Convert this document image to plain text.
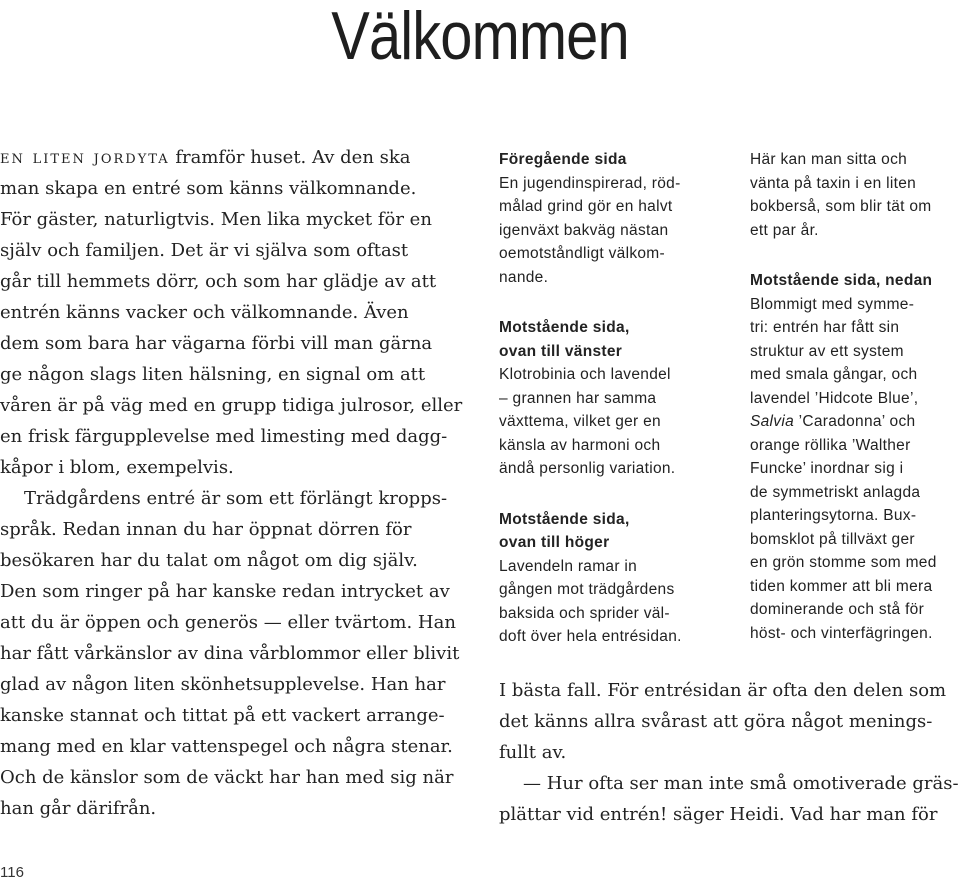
Välkommen
en liten jordyta framför huset. Av den ska
man skapa en entré som känns välkomnande.
För gäster, naturligtvis. Men lika mycket för en
själv och familjen. Det är vi själva som oftast
går till hemmets dörr, och som har glädje av att
entrén känns vacker och välkomnande. Även
dem som bara har vägarna förbi vill man gärna
ge någon slags liten hälsning, en signal om att
våren är på väg med en grupp tidiga julrosor, eller
en frisk färgupplevelse med limesting med dagg-
kåpor i blom, exempelvis.
Trädgårdens entré är som ett förlängt kropps-
språk. Redan innan du har öppnat dörren för
besökaren har du talat om något om dig själv.
Den som ringer på har kanske redan intrycket av
att du är öppen och generös — eller tvärtom. Han
har fått vårkänslor av dina vårblommor eller blivit
glad av någon liten skönhetsupplevelse. Han har
kanske stannat och tittat på ett vackert arrange-
mang med en klar vattenspegel och några stenar.
Och de känslor som de väckt har han med sig när
han går därifrån.
Föregående sida
En jugendinspirerad, röd-
målad grind gör en halvt
igenväxt bakväg nästan
oemotståndligt välkom-
nande.
Motstående sida,
ovan till vänster
Klotrobinia och lavendel
– grannen har samma
växttema, vilket ger en
känsla av harmoni och
ändå personlig variation.
Motstående sida,
ovan till höger
Lavendeln ramar in
gången mot trädgårdens
baksida och sprider väl-
doft över hela entrésidan.
Här kan man sitta och
vänta på taxin i en liten
bokberså, som blir tät om
ett par år.
Motstående sida, nedan
Blommigt med symme-
tri: entrén har fått sin
struktur av ett system
med smala gångar, och
lavendel ’Hidcote Blue’,
Salvia ’Caradonna’ och
orange röllika ’Walther
Funcke’ inordnar sig i
de symmetriskt anlagda
planteringsytorna. Bux-
bomsklot på tillväxt ger
en grön stomme som med
tiden kommer att bli mera
dominerande och stå för
höst- och vinterfägringen.
I bästa fall. För entrésidan är ofta den delen som
det känns allra svårast att göra något menings-
fullt av.
— Hur ofta ser man inte små omotiverade gräs-
plättar vid entrén! säger Heidi. Vad har man för
116
